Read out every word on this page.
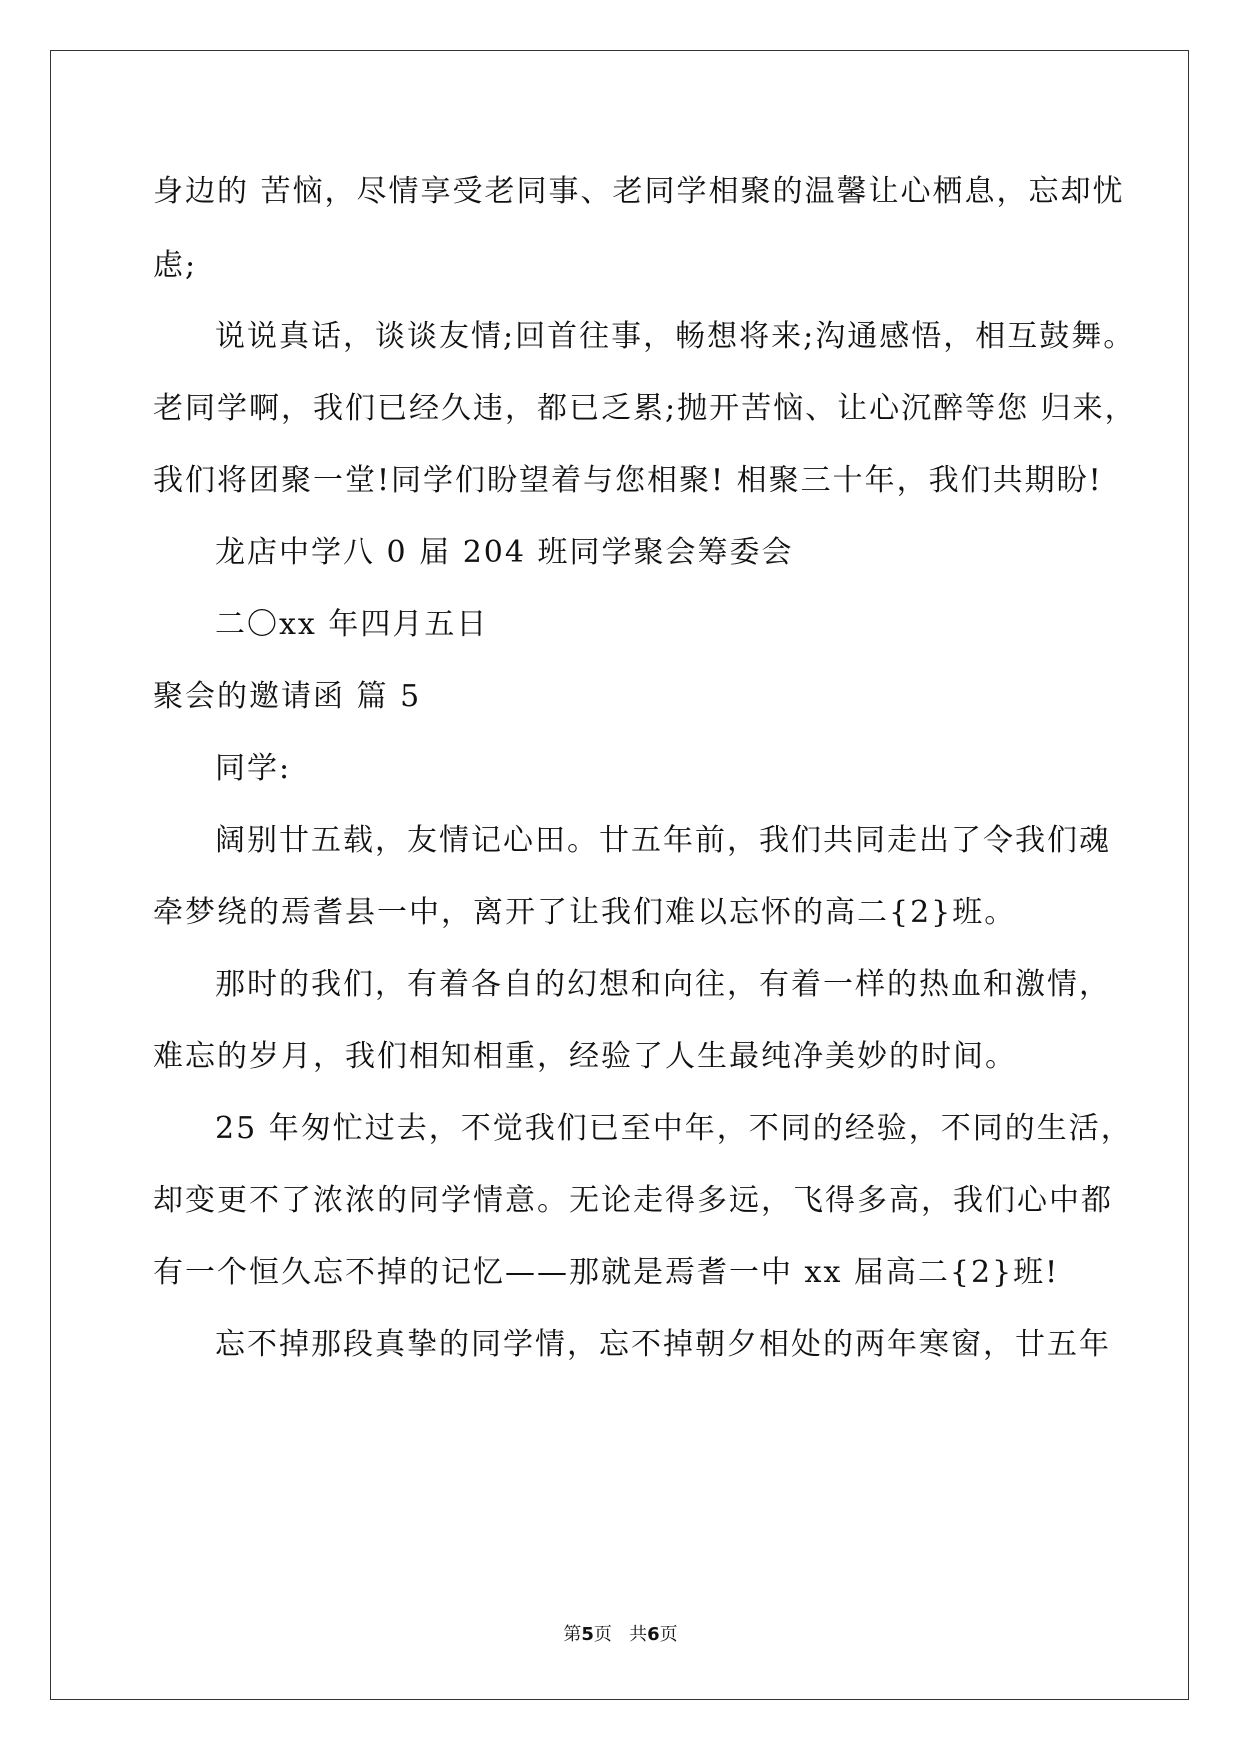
身边的 苦恼，尽情享受老同事、老同学相聚的温馨让心栖息，忘却忧
虑;
说说真话，谈谈友情;回首往事，畅想将来;沟通感悟，相互鼓舞。
老同学啊，我们已经久违，都已乏累;抛开苦恼、让心沉醉等您 归来，
我们将团聚一堂!同学们盼望着与您相聚! 相聚三十年，我们共期盼!
龙店中学八 0 届 204 班同学聚会筹委会
二〇xx 年四月五日
聚会的邀请函 篇 5
同学:
阔别廿五载，友情记心田。廿五年前，我们共同走出了令我们魂
牵梦绕的焉耆县一中，离开了让我们难以忘怀的高二{2}班。
那时的我们，有着各自的幻想和向往，有着一样的热血和激情，
难忘的岁月，我们相知相重，经验了人生最纯净美妙的时间。
25 年匆忙过去，不觉我们已至中年，不同的经验，不同的生活，
却变更不了浓浓的同学情意。无论走得多远，飞得多高，我们心中都
有一个恒久忘不掉的记忆——那就是焉耆一中 xx 届高二{2}班!
忘不掉那段真挚的同学情，忘不掉朝夕相处的两年寒窗，廿五年
第5页   共6页
